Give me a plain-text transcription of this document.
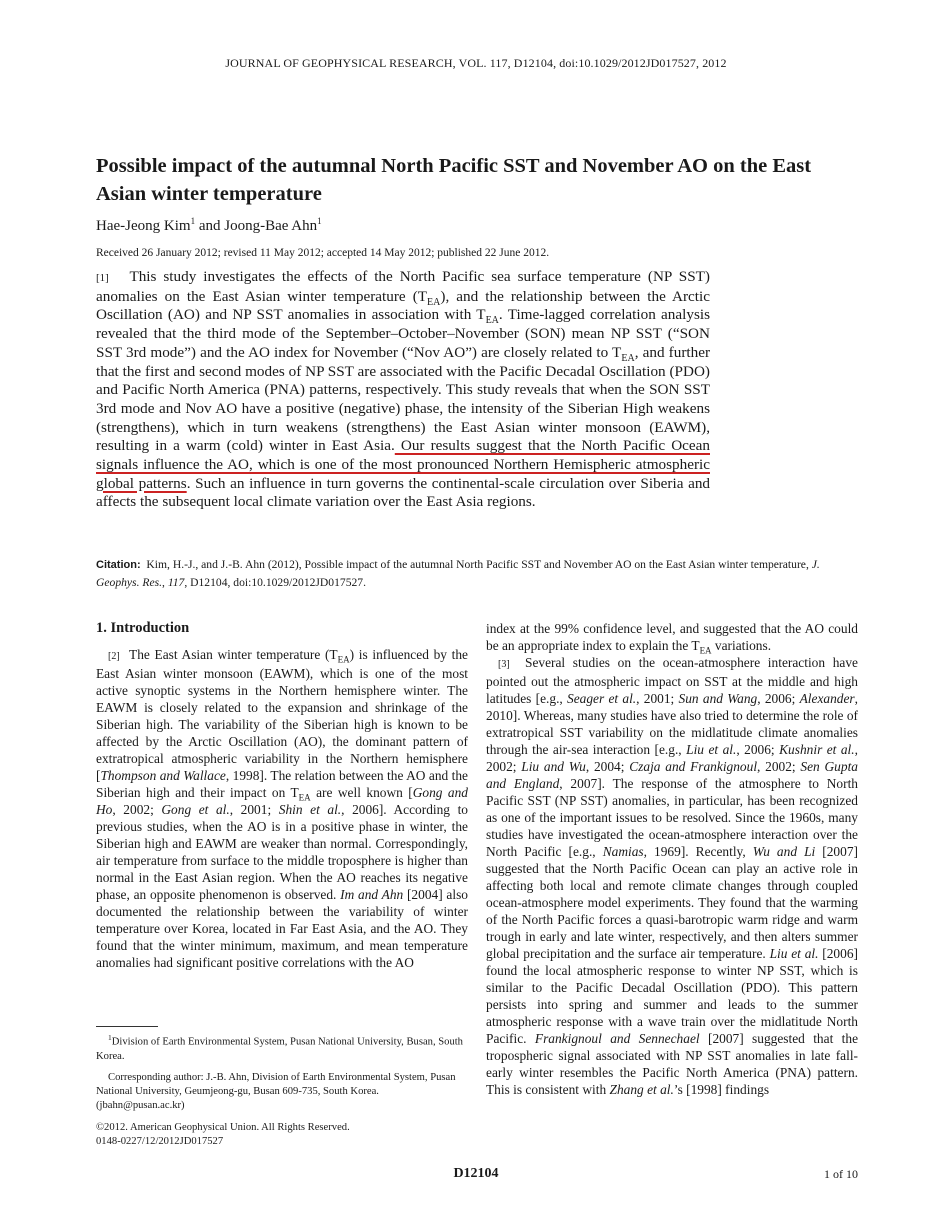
JOURNAL OF GEOPHYSICAL RESEARCH, VOL. 117, D12104, doi:10.1029/2012JD017527, 2012
Possible impact of the autumnal North Pacific SST and November AO on the East Asian winter temperature
Hae-Jeong Kim$^1$ and Joong-Bae Ahn$^1$
Received 26 January 2012; revised 11 May 2012; accepted 14 May 2012; published 22 June 2012.
[1] This study investigates the effects of the North Pacific sea surface temperature (NP SST) anomalies on the East Asian winter temperature $(T_{EA})$, and the relationship between the Arctic Oscillation (AO) and NP SST anomalies in association with $T_{EA}$. Time-lagged correlation analysis revealed that the third mode of the September–October–November (SON) mean NP SST (“SON SST 3rd mode”) and the AO index for November (“Nov AO”) are closely related to $T_{EA}$, and further that the first and second modes of NP SST are associated with the Pacific Decadal Oscillation (PDO) and Pacific North America (PNA) patterns, respectively. This study reveals that when the SON SST 3rd mode and Nov AO have a positive (negative) phase, the intensity of the Siberian High weakens (strengthens), which in turn weakens (strengthens) the East Asian winter monsoon (EAWM), resulting in a warm (cold) winter in East Asia. Our results suggest that the North Pacific Ocean signals influence the AO, which is one of the most pronounced Northern Hemispheric atmospheric global patterns. Such an influence in turn governs the continental-scale circulation over Siberia and affects the subsequent local climate variation over the East Asia regions.
Citation: Kim, H.-J., and J.-B. Ahn (2012), Possible impact of the autumnal North Pacific SST and November AO on the East Asian winter temperature, J. Geophys. Res., 117, D12104, doi:10.1029/2012JD017527.
1. Introduction

[2] The East Asian winter temperature $(T_{EA})$ is influenced by the East Asian winter monsoon (EAWM), which is one of the most active synoptic systems in the Northern hemisphere winter. The EAWM is closely related to the expansion and shrinkage of the Siberian high. The variability of the Siberian high is known to be affected by the Arctic Oscillation (AO), the dominant pattern of extratropical atmospheric variability in the Northern hemisphere [Thompson and Wallace, 1998]. The relation between the AO and the Siberian high and their impact on $T_{EA}$ are well known [Gong and Ho, 2002; Gong et al., 2001; Shin et al., 2006]. According to previous studies, when the AO is in a positive phase in winter, the Siberian high and EAWM are weaker than normal. Correspondingly, air temperature from surface to the middle troposphere is higher than normal in the East Asian region. When the AO reaches its negative phase, an opposite phenomenon is observed. Im and Ahn [2004] also documented the relationship between the variability of winter temperature over Korea, located in Far East Asia, and the AO. They found that the winter minimum, maximum, and mean temperature anomalies had significant positive correlations with the AO

$^1$Division of Earth Environmental System, Pusan National University, Busan, South Korea.

Corresponding author: J.-B. Ahn, Division of Earth Environmental System, Pusan National University, Geumjeong-gu, Busan 609-735, South Korea. (jbahn@pusan.ac.kr)

©2012. American Geophysical Union. All Rights Reserved.

0148-0227/12/2012JD017527

index at the 99% confidence level, and suggested that the AO could be an appropriate index to explain the $T_{EA}$ variations.

[3] Several studies on the ocean-atmosphere interaction have pointed out the atmospheric impact on SST at the middle and high latitudes [e.g., Seager et al., 2001; Sun and Wang, 2006; Alexander, 2010]. Whereas, many studies have also tried to determine the role of extratropical SST variability on the midlatitude climate anomalies through the air-sea interaction [e.g., Liu et al., 2006; Kushnir et al., 2002; Liu and Wu, 2004; Czaja and Frankignoul, 2002; Sen Gupta and England, 2007]. The response of the atmosphere to North Pacific SST (NP SST) anomalies, in particular, has been recognized as one of the important issues to be resolved. Since the 1960s, many studies have investigated the ocean-atmosphere interaction over the North Pacific [e.g., Namias, 1969]. Recently, Wu and Li [2007] suggested that the North Pacific Ocean can play an active role in affecting both local and remote climate changes through coupled ocean-atmosphere model experiments. They found that the warming of the North Pacific forces a quasi-barotropic warm ridge and warm trough in early and late winter, respectively, and then alters summer global precipitation and the surface air temperature. Liu et al. [2006] found the local atmospheric response to winter NP SST, which is similar to the Pacific Decadal Oscillation (PDO). This pattern persists into spring and summer and leads to the summer atmospheric response with a wave train over the midlatitude North Pacific. Frankignoul and Sennechael [2007] suggested that the tropospheric signal associated with NP SST anomalies in late fall-early winter resembles the Pacific North America (PNA) pattern. This is consistent with Zhang et al.’s [1998] findings

D12104	1 of 10
